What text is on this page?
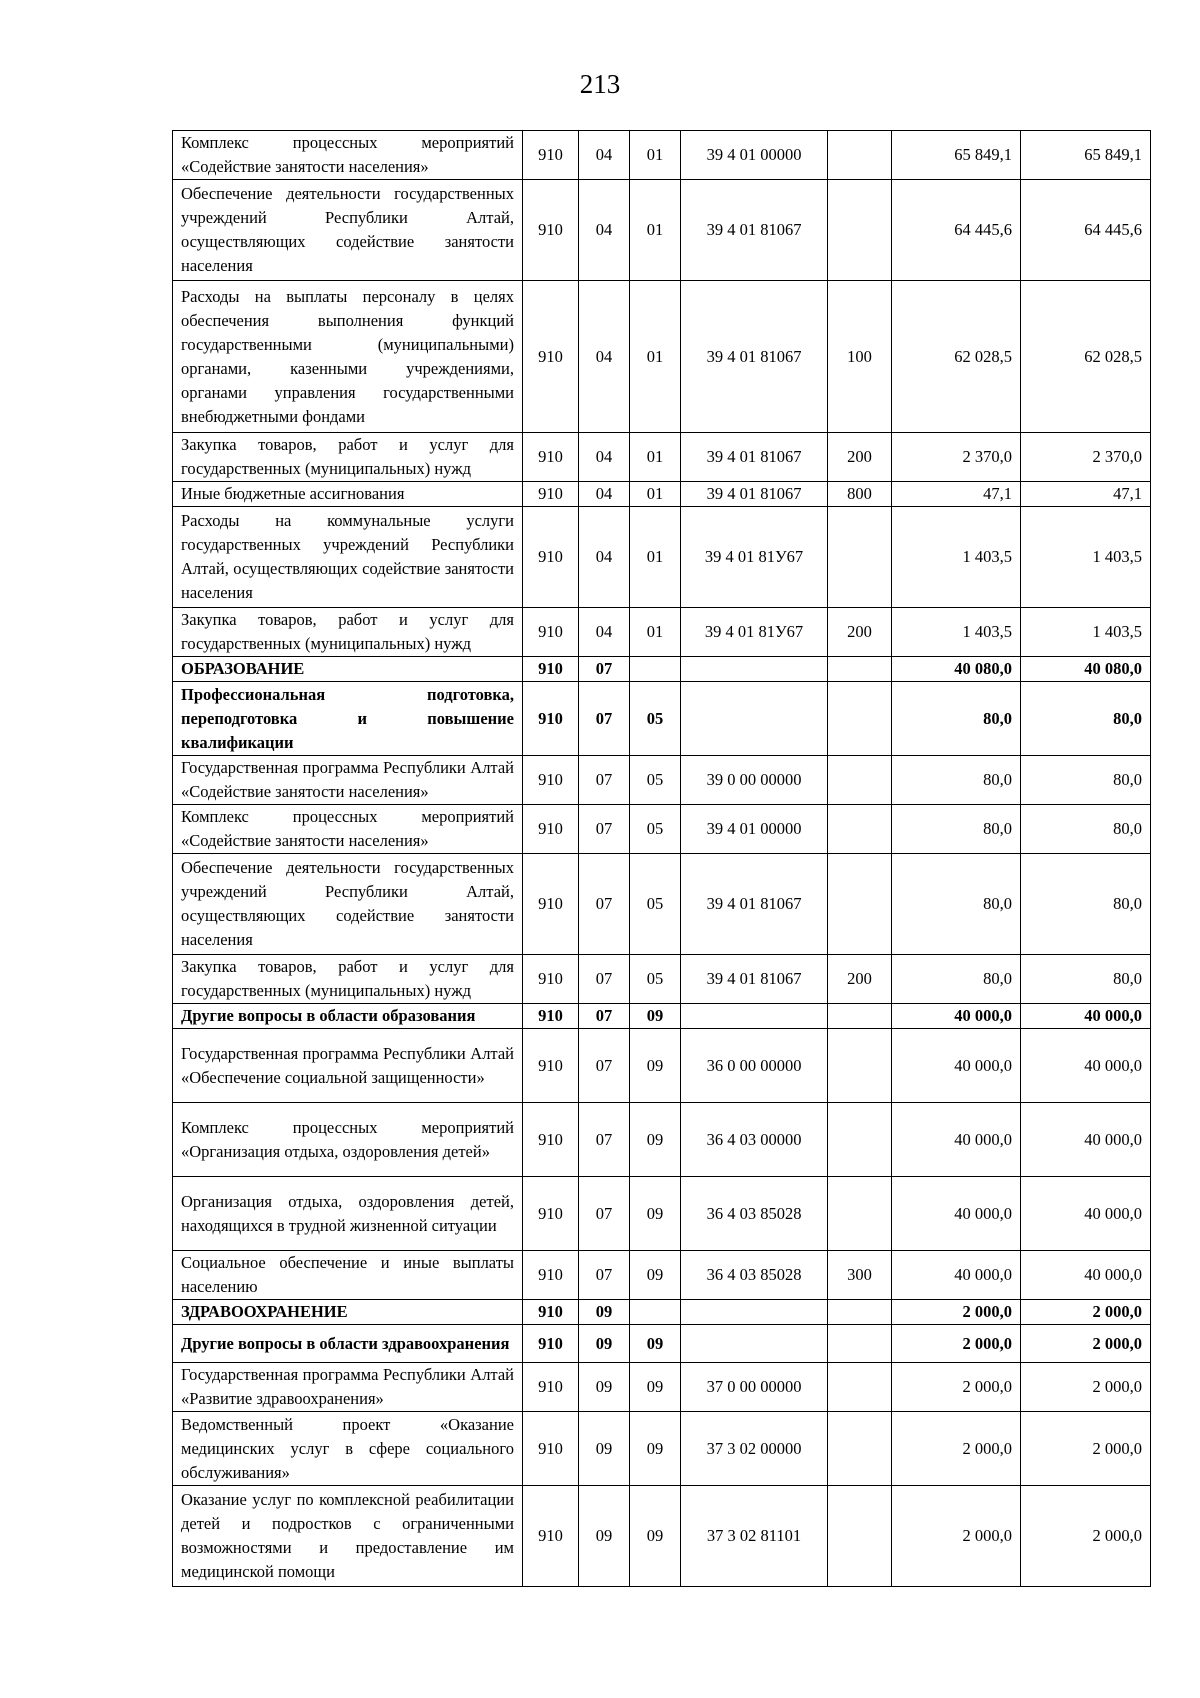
213
Комплекс процессных мероприятий «Содействие занятости населения»	910	04	01	39 4 01 00000		65 849,1	65 849,1
Обеспечение деятельности государственных учреждений Республики Алтай, осуществляющих содействие занятости населения	910	04	01	39 4 01 81067		64 445,6	64 445,6
Расходы на выплаты персоналу в целях обеспечения выполнения функций государственными (муниципальными) органами, казенными учреждениями, органами управления государственными внебюджетными фондами	910	04	01	39 4 01 81067	100	62 028,5	62 028,5
Закупка товаров, работ и услуг для государственных (муниципальных) нужд	910	04	01	39 4 01 81067	200	2 370,0	2 370,0
Иные бюджетные ассигнования	910	04	01	39 4 01 81067	800	47,1	47,1
Расходы на коммунальные услуги государственных учреждений Республики Алтай, осуществляющих содействие занятости населения	910	04	01	39 4 01 81У67		1 403,5	1 403,5
Закупка товаров, работ и услуг для государственных (муниципальных) нужд	910	04	01	39 4 01 81У67	200	1 403,5	1 403,5
ОБРАЗОВАНИЕ	910	07				40 080,0	40 080,0
Профессиональная подготовка, переподготовка и повышение квалификации	910	07	05			80,0	80,0
Государственная программа Республики Алтай «Содействие занятости населения»	910	07	05	39 0 00 00000		80,0	80,0
Комплекс процессных мероприятий «Содействие занятости населения»	910	07	05	39 4 01 00000		80,0	80,0
Обеспечение деятельности государственных учреждений Республики Алтай, осуществляющих содействие занятости населения	910	07	05	39 4 01 81067		80,0	80,0
Закупка товаров, работ и услуг для государственных (муниципальных) нужд	910	07	05	39 4 01 81067	200	80,0	80,0
Другие вопросы в области образования	910	07	09			40 000,0	40 000,0
Государственная программа Республики Алтай «Обеспечение социальной защищенности»	910	07	09	36 0 00 00000		40 000,0	40 000,0
Комплекс процессных мероприятий «Организация отдыха, оздоровления детей»	910	07	09	36 4 03 00000		40 000,0	40 000,0
Организация отдыха, оздоровления детей, находящихся в трудной жизненной ситуации	910	07	09	36 4 03 85028		40 000,0	40 000,0
Социальное обеспечение и иные выплаты населению	910	07	09	36 4 03 85028	300	40 000,0	40 000,0
ЗДРАВООХРАНЕНИЕ	910	09				2 000,0	2 000,0
Другие вопросы в области здравоохранения	910	09	09			2 000,0	2 000,0
Государственная программа Республики Алтай «Развитие здравоохранения»	910	09	09	37 0 00 00000		2 000,0	2 000,0
Ведомственный проект «Оказание медицинских услуг в сфере социального обслуживания»	910	09	09	37 3 02 00000		2 000,0	2 000,0
Оказание услуг по комплексной реабилитации детей и подростков с ограниченными возможностями и предоставление им медицинской помощи	910	09	09	37 3 02 81101		2 000,0	2 000,0
